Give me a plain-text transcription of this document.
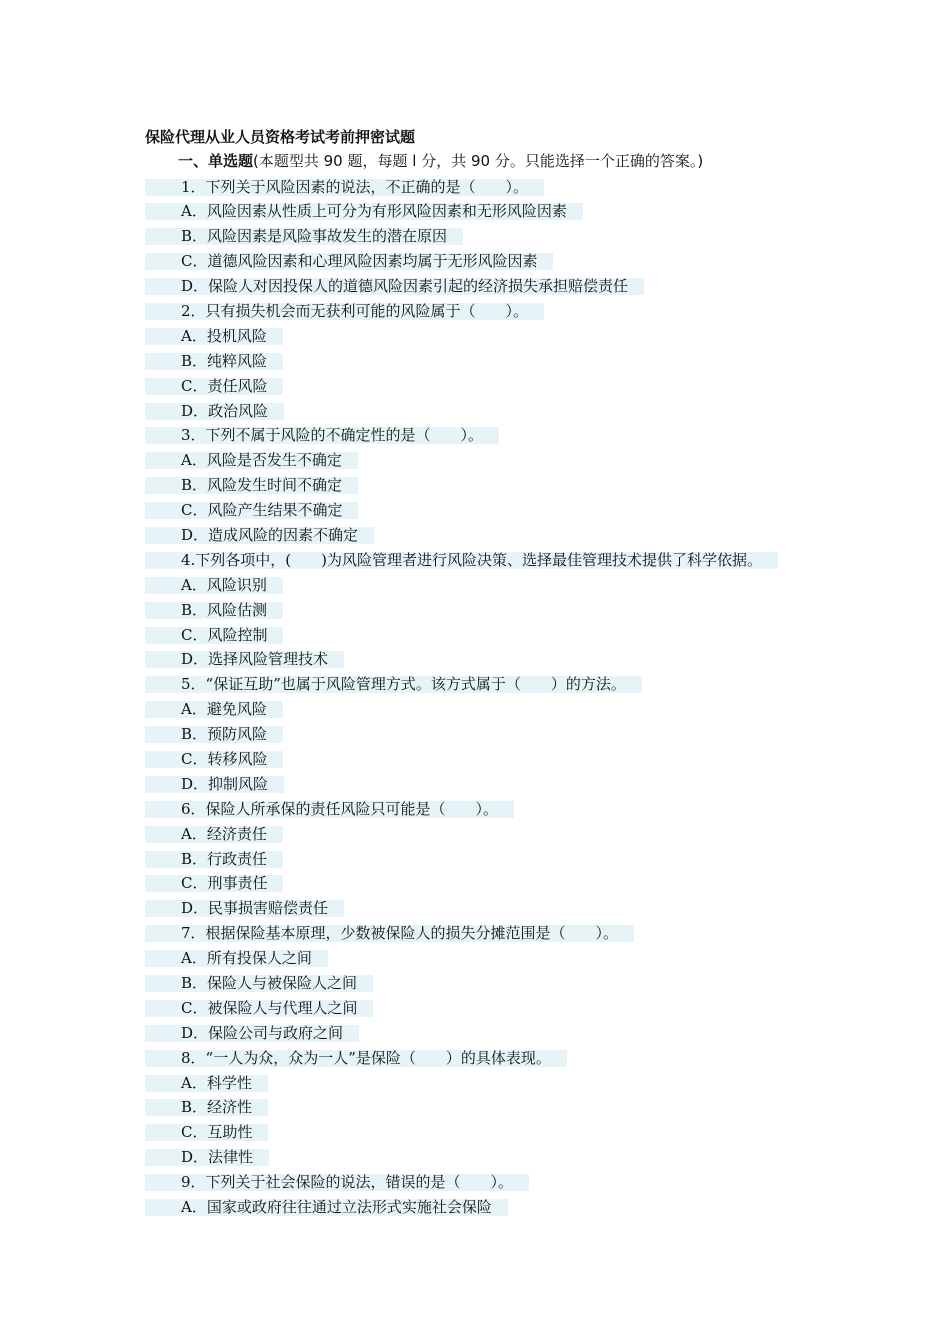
保险代理从业人员资格考试考前押密试题
一、单选题(本题型共 90 题，每题 l 分，共 90 分。只能选择一个正确的答案。)
1．下列关于风险因素的说法，不正确的是（　　）。
A．风险因素从性质上可分为有形风险因素和无形风险因素
B．风险因素是风险事故发生的潜在原因
C．道德风险因素和心理风险因素均属于无形风险因素
D．保险人对因投保人的道德风险因素引起的经济损失承担赔偿责任
2．只有损失机会而无获利可能的风险属于（　　）。
A．投机风险
B．纯粹风险
C．责任风险
D．政治风险
3．下列不属于风险的不确定性的是（　　）。
A．风险是否发生不确定
B．风险发生时间不确定
C．风险产生结果不确定
D．造成风险的因素不确定
4.下列各项中，(　　)为风险管理者进行风险决策、选择最佳管理技术提供了科学依据。
A．风险识别
B．风险估测
C．风险控制
D．选择风险管理技术
5．“保证互助”也属于风险管理方式。该方式属于（　　）的方法。
A．避免风险
B．预防风险
C．转移风险
D．抑制风险
6．保险人所承保的责任风险只可能是（　　）。
A．经济责任
B．行政责任
C．刑事责任
D．民事损害赔偿责任
7．根据保险基本原理，少数被保险人的损失分摊范围是（　　）。
A．所有投保人之间
B．保险人与被保险人之间
C．被保险人与代理人之间
D．保险公司与政府之间
8．“一人为众，众为一人”是保险（　　）的具体表现。
A．科学性
B．经济性
C．互助性
D．法律性
9．下列关于社会保险的说法，错误的是（　　）。
A．国家或政府往往通过立法形式实施社会保险
